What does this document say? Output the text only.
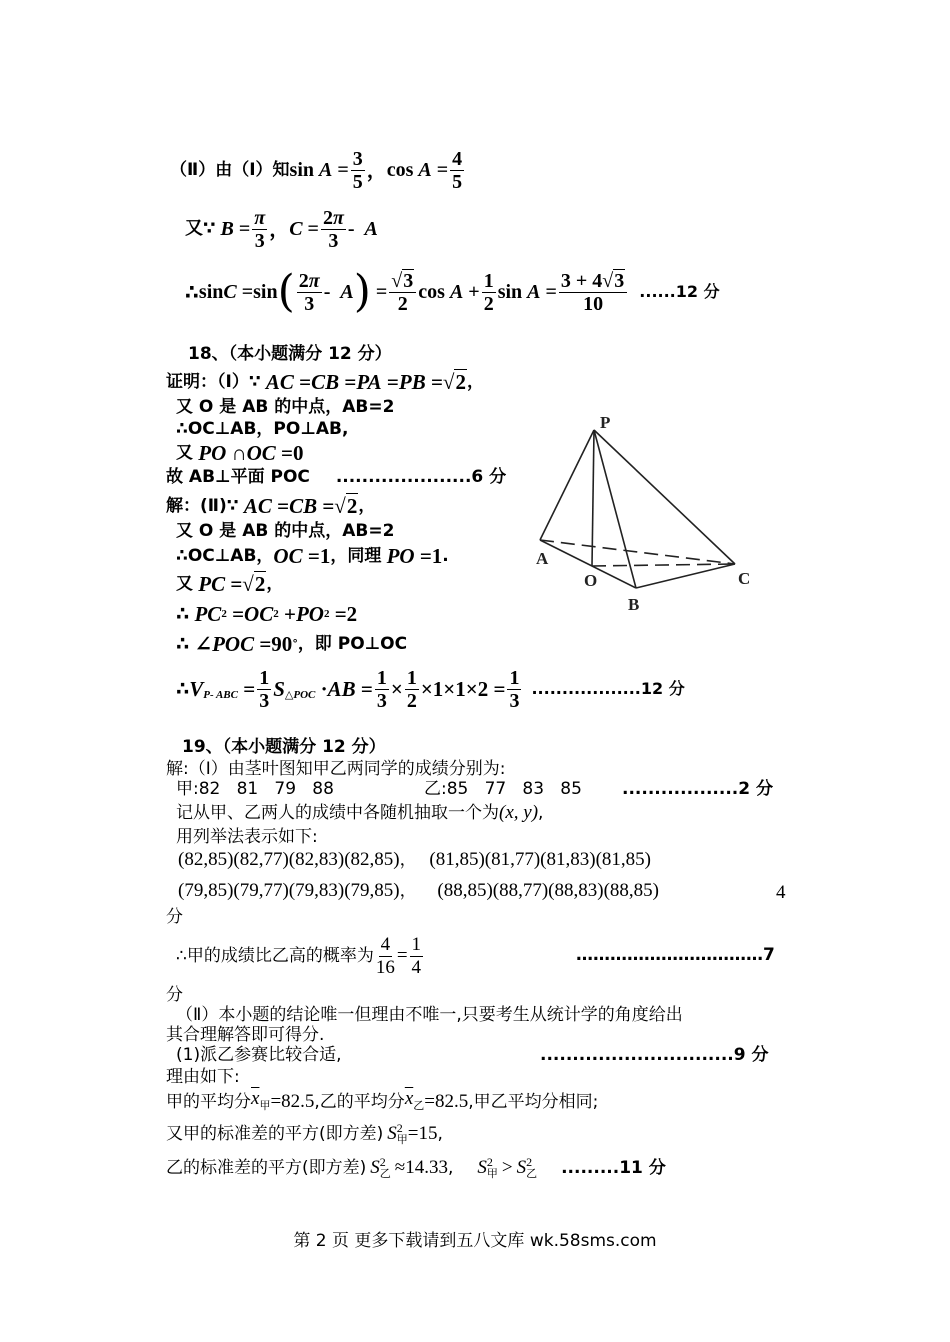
（Ⅱ）由（Ⅰ）知 $\sin A = \frac{3}{5}$ ， $\cos A = \frac{4}{5}$
又∵ $B = \frac{\pi}{3}$ ， $C = \frac{2\pi}{3} - A$
∴ sin C =sin ( $\frac{2\pi}{3}$ - A ) = $\frac{√3}{2}$ $\cos A + \frac{1}{2}$ $\sin A = \frac{3 + 4√3}{10} ......12$ 分
18、（本小题满分 12 分）
证明：（Ⅰ）∵ AC = CB = PA = PB =√2 ，
又 O 是 AB 的中点，AB=2
∴OC⊥AB，PO⊥AB,
又 PO ∩ OC =0
故 AB⊥平面 POC .....................6 分
解：(Ⅱ)∵ AC = CB =√2 ，
又 O 是 AB 的中点，AB=2
∴OC⊥AB， OC =1 ，同理 PO =1 .
又 PC =√2 ，
∴ PC 2 = OC 2 + PO 2 =2
∴ ∠POC =90 ° ，即 PO⊥OC
∴ $V_{P- ABC} = \frac{1}{3} S_{\triangle POC}$ · AB = $\frac{1}{3} \times \frac{1}{2} \times 1\times 1\times 2 = \frac{1}{3} ..................12$ 分
P
A
O
B
C
19、（本小题满分 12 分）
解:（Ⅰ）由茎叶图知甲乙两同学的成绩分别为:
甲:82   81   79   88	乙:85   77   83   85 ..................2 分
记从甲、乙两人的成绩中各随机抽取一个为(x, y),
用列举法表示如下:
(82,85)(82,77)(82,83)(82,85)， (81,85)(81,77)(81,83)(81,85)
(79,85)(79,77)(79,83)(79,85)， (88,85)(88,77)(88,83)(88,85)	4
分
∴甲的成绩比乙高的概率为 $\frac{4}{16} = \frac{1}{4}$	……………………………7
分
（Ⅱ）本小题的结论唯一但理由不唯一,只要考生从统计学的角度给出
其合理解答即可得分.
(1)派乙参赛比较合适,	..............................9 分
理由如下:
甲的平均分 $\overline{x}_甲 =82.5$ ,乙的平均分 $\overline{x}_乙 =82.5$ ,甲乙平均分相同;
又甲的标准差的平方(即方差) S 2
甲 =15 ,
乙的标准差的平方(即方差) S 2
乙 ≈14.33 , S 2
甲 > S 2
乙 .........11 分
第 2 页 更多下载请到五八文库 wk.58sms.com
